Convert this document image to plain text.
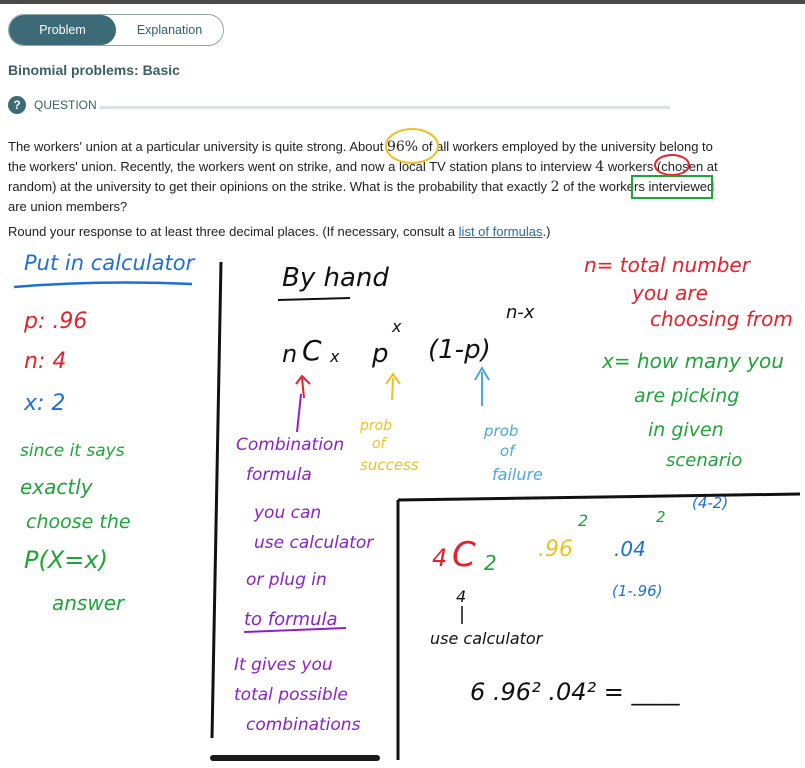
Problem	Explanation
Binomial problems: Basic
?	QUESTION
The workers' union at a particular university is quite strong. About 96% of all workers employed by the university belong to the workers' union. Recently, the workers went on strike, and now a local TV station plans to interview 4 workers (chosen at random) at the university to get their opinions on the strike. What is the probability that exactly 2 of the workers interviewed are union members?
Round your response to at least three decimal places. (If necessary, consult a list of formulas.)
Put in calculator
p: .96
n: 4
x: 2
since it says
exactly
choose the
P(X=x)
answer
By hand
n C x p
x
(1-p)
n-x
Combination
formula
you can
use calculator
or plug in
to formula
It gives you
total possible
combinations
prob
of
success
prob
of
failure
n= total number
you are
choosing from
x= how many you
are picking
in given
scenario
(4-2)
4 C 2
.96
2
.04
2
(1-.96)
4
use calculator
6 .96² .04² = ____
